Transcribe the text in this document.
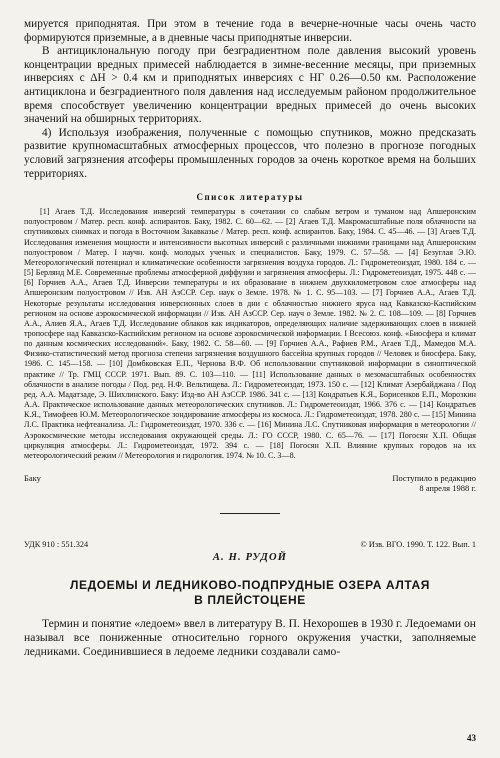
мируется приподнятая. При этом в течение года в вечерне-ночные часы очень часто формируются приземные, а в дневные часы приподнятые инверсии.

В антициклональную погоду при безградиентном поле давления высокий уровень концентрации вредных примесей наблюдается в зимне-весенние месяцы, при приземных инверсиях с ΔH > 0.4 км и приподнятых инверсиях с НГ 0.26—0.50 км. Расположение антициклона и безградиентного поля давления над исследуемым районом продолжительное время способствует увеличению концентрации вредных примесей до очень высоких значений на обширных территориях.

4) Используя изображения, полученные с помощью спутников, можно предсказать развитие крупномасштабных атмосферных процессов, что полезно в прогнозе погодных условий загрязнения атсоферы промышленных городов за очень короткое время на больших территориях.

Список литературы

[1] Агаев Т.Д. Исследования инверсий температуры в сочетании со слабым ветром и туманом над Апшеронским полуостровом / Матер. респ. конф. аспирантов. Баку, 1982. С. 60—62. — [2] Агаев Т.Д. Макромасштабные поля облачности на спутниковых снимках и погода в Восточном Закавказье / Матер. респ. конф. аспирантов. Баку, 1984. С. 45—46. — [3] Агаев Т.Д. Исследования изменения мощности и интенсивности высотных инверсий с различными нижними границами над Апшеронским полуостровом / Матер. I научн. конф. молодых ученых и специалистов. Баку, 1979. С. 57—58. — [4] Безуглая Э.Ю. Метеорологический потенциал и климатические особенности загрязнения воздуха городов. Л.: Гидрометеоиздат, 1980. 184 с. — [5] Берлянд М.Е. Современные проблемы атмосферной диффузии и загрязнения атмосферы. Л.: Гидрометеоиздат, 1975. 448 с. — [6] Горчиев А.А., Агаев Т.Д. Инверсии температуры и их образование в нижнем двухкилометровом слое атмосферы над Апшеронским полуостровом // Изв. АН АзССР. Сер. наук о Земле. 1978. № 1. С. 95—103. — [7] Горчиев А.А., Агаев Т.Д. Некоторые результаты исследования инверсионных слоев в дни с облачностью нижнего яруса над Кавказско-Каспийским регионом на основе аэрокосмической информации // Изв. АН АзССР. Сер. науч о Земле. 1982. № 2. С. 108—109. — [8] Горчиев А.А., Алиев Я.А., Агаев Т.Д. Исследование облаков как индикаторов, определяющих наличие задерживающих слоев в нижней тропосфере над Кавказско-Каспийским регионом на основе аэрокосмической информации. I Всесоюз. конф. «Биосфера и климат по данным космических исследований». Баку, 1982. С. 58—60. — [9] Горчиев А.А., Рафиев Р.М., Агаев Т.Д., Мамедов М.А. Физико-статистический метод прогноза степени загрязнения воздушного бассейна крупных городов // Человек и биосфера. Баку, 1986. С. 145—158. — [10] Домбковская Е.П., Чернова В.Ф. Об использовании спутниковой информации в синоптической практике // Тр. ГМЦ СССР. 1971. Вып. 89. С. 103—110. — [11] Использование данных о мезомасштабных особенностях облачности в анализе погоды / Под. ред. Н.Ф. Вельтищева. Л.: Гидрометеоиздат, 1973. 150 с. — [12] Климат Азербайджана / Под ред. А.А. Мадатзаде, Э. Шихлинского. Баку: Изд-во АН АзССР. 1986. 341 с. — [13] Кондратьев К.Я., Борисенков Е.П., Морозкин А.А. Практическое использование данных метеорологических спутников. Л.: Гидрометеоиздат, 1966. 376 с. — [14] Кондратьев К.Я., Тимофеев Ю.М. Метеорологическое зондирование атмосферы из космоса. Л.: Гидрометеоиздат, 1978. 280 с. — [15] Минина Л.С. Практика нефтеанализа. Л.: Гидрометеоиздат, 1970. 336 с. — [16] Минина Л.С. Спутниковая информация в метеорологии // Аэрокосмические методы исследования окружающей среды. Л.: ГО СССР, 1980. С. 65—76. — [17] Погосян Х.П. Общая циркуляция атмосферы. Л.: Гидрометеоиздат, 1972. 394 с. — [18] Погосян Х.П. Влияние крупных городов на их метеорологический режим // Метеорология и гидрология. 1974. № 10. С. 3—8.

Баку	Поступило в редакцию
8 апреля 1988 г.
УДК 910 : 551.324	© Изв. ВГО. 1990. Т. 122. Вып. 1
А. Н. РУДОЙ
ЛЕДОЕМЫ И ЛЕДНИКОВО-ПОДПРУДНЫЕ ОЗЕРА АЛТАЯ
В ПЛЕЙСТОЦЕНЕ

Термин и понятие «ледоем» ввел в литературу В. П. Нехорошев в 1930 г. Ледоемами он называл все пониженные относительно горного окружения участки, заполняемые ледниками. Соединившиеся в ледоеме ледники создавали само-

43
